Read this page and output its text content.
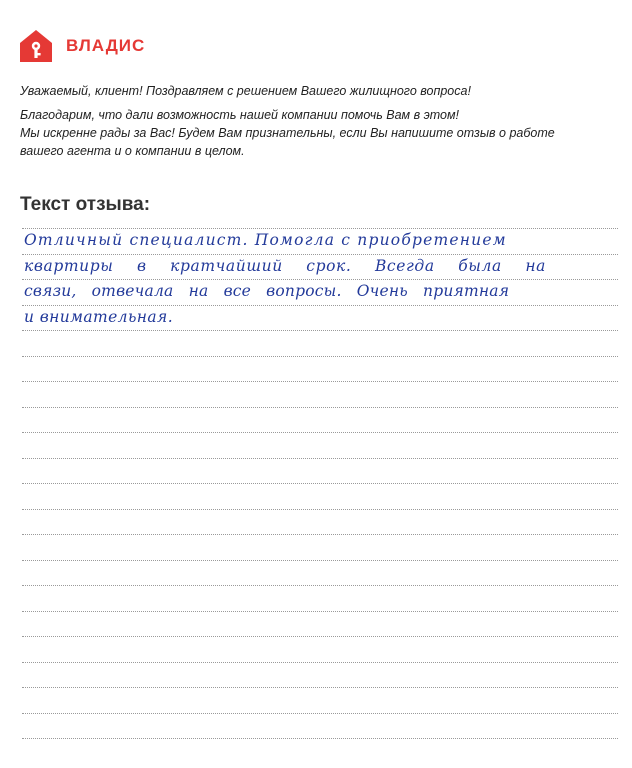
ВЛАДИС

Уважаемый, клиент! Поздравляем с решением Вашего жилищного вопроса!

Благодарим, что дали возможность нашей компании помочь Вам в этом!

Мы искренне рады за Вас! Будем Вам признательны, если Вы напишите отзыв о работе

вашего агента и о компании в целом.

Текст отзыва:
Отличный специалист. Помогла с приобретением
квартиры в кратчайший срок. Всегда была на
связи, отвечала на все вопросы. Очень приятная
и внимательная.
